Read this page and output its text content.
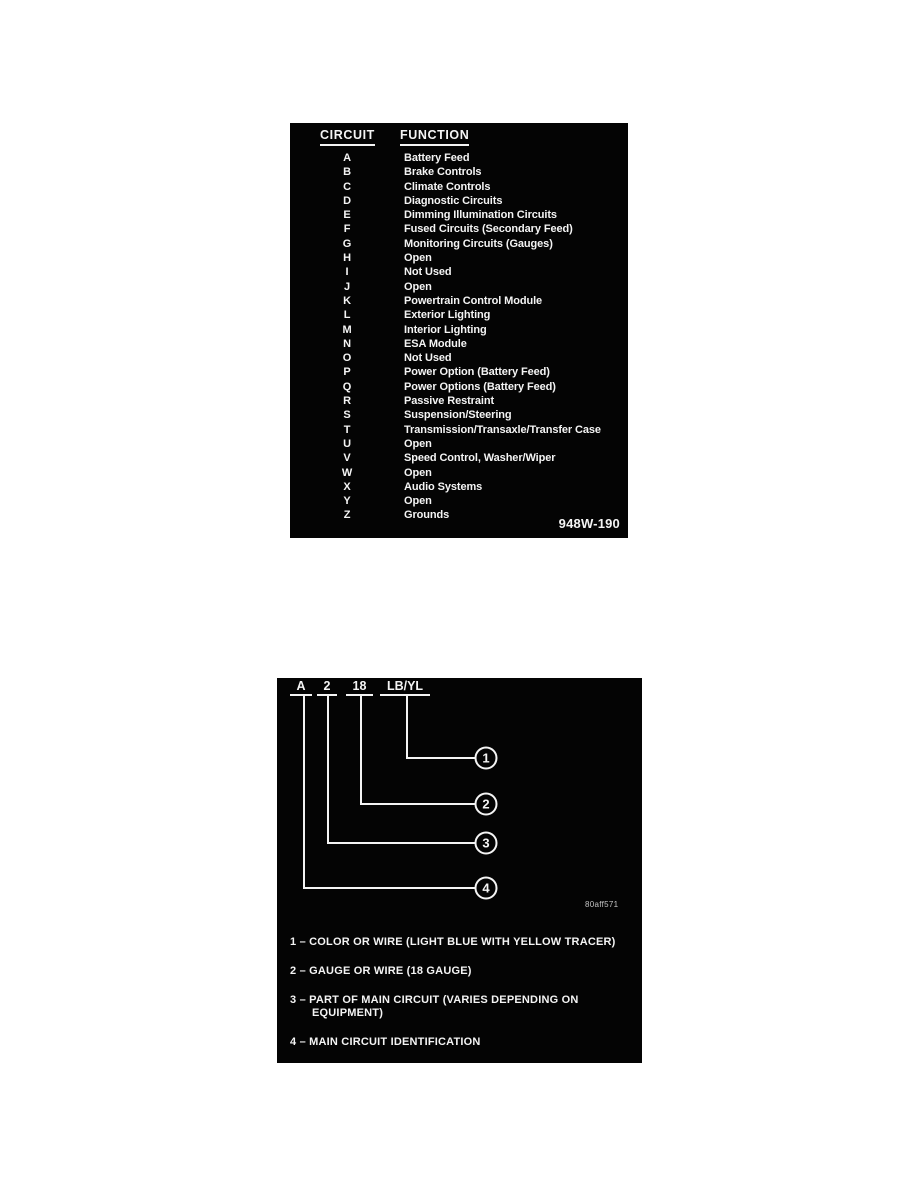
CIRCUIT FUNCTION
A	Battery Feed
B	Brake Controls
C	Climate Controls
D	Diagnostic Circuits
E	Dimming Illumination Circuits
F	Fused Circuits (Secondary Feed)
G	Monitoring Circuits (Gauges)
H	Open
I	Not Used
J	Open
K	Powertrain Control Module
L	Exterior Lighting
M	Interior Lighting
N	ESA Module
O	Not Used
P	Power Option (Battery Feed)
Q	Power Options (Battery Feed)
R	Passive Restraint
S	Suspension/Steering
T	Transmission/Transaxle/Transfer Case
U	Open
V	Speed Control, Washer/Wiper
W	Open
X	Audio Systems
Y	Open
Z	Grounds
948W-190
A	2	18	LB/YL
1
2
3
4
80aff571
1 – COLOR OR WIRE (LIGHT BLUE WITH YELLOW TRACER)
2 – GAUGE OR WIRE (18 GAUGE)
3 – PART OF MAIN CIRCUIT (VARIES DEPENDING ON
EQUIPMENT)
4 – MAIN CIRCUIT IDENTIFICATION
